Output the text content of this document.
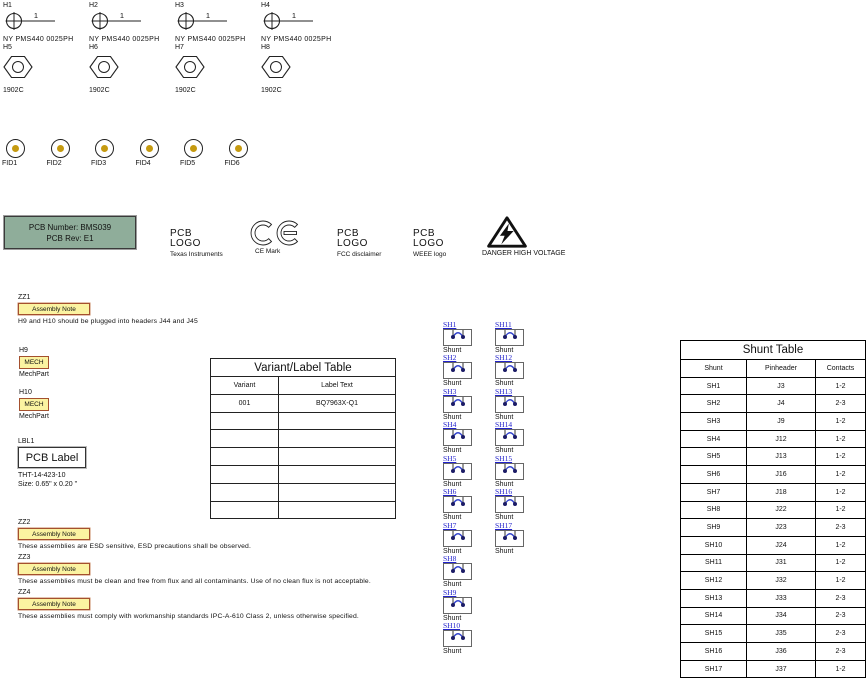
H1
1
NY PMS440 0025PH
H2
1
NY PMS440 0025PH
H3
1
NY PMS440 0025PH
H4
1
NY PMS440 0025PH
H5
1902C
H6
1902C
H7
1902C
H8
1902C
FID1	FID2	FID3	FID4	FID5	FID6
PCB Number: BMS039
PCB Rev: E1	PCB
LOGO
Texas Instruments	CE Mark
PCB
LOGO
FCC disclaimer
PCB
LOGO
WEEE logo	DANGER HIGH VOLTAGE
ZZ1
Assembly Note
H9 and H10 should be plugged into headers J44 and J45
H9
MECH
MechPart
H10
MECH
MechPart
LBL1
PCB Label
THT-14-423-10
Size: 0.65" x 0.20 "
ZZ2
Assembly Note
These assemblies are ESD sensitive, ESD precautions shall be observed.
ZZ3
Assembly Note
These assemblies must be clean and free from flux and all contaminants. Use of no clean flux is not acceptable.
ZZ4
Assembly Note
These assemblies must comply with workmanship standards IPC-A-610 Class 2, unless otherwise specified.
Variant/Label Table	
Variant	Label Text
001	BQ7963X-Q1

SH1
Shunt
SH2
Shunt
SH3
Shunt
SH4
Shunt
SH5
Shunt
SH6
Shunt
SH7
Shunt
SH8
Shunt
SH9
Shunt
SH10
Shunt
SH11
Shunt
SH12
Shunt
SH13
Shunt
SH14
Shunt
SH15
Shunt
SH16
Shunt
SH17
Shunt
Shunt Table		
Shunt	Pinheader	Contacts
SH1	J3	1-2
SH2	J4	2-3
SH3	J9	1-2
SH4	J12	1-2
SH5	J13	1-2
SH6	J16	1-2
SH7	J18	1-2
SH8	J22	1-2
SH9	J23	2-3
SH10	J24	1-2
SH11	J31	1-2
SH12	J32	1-2
SH13	J33	2-3
SH14	J34	2-3
SH15	J35	2-3
SH16	J36	2-3
SH17	J37	1-2
